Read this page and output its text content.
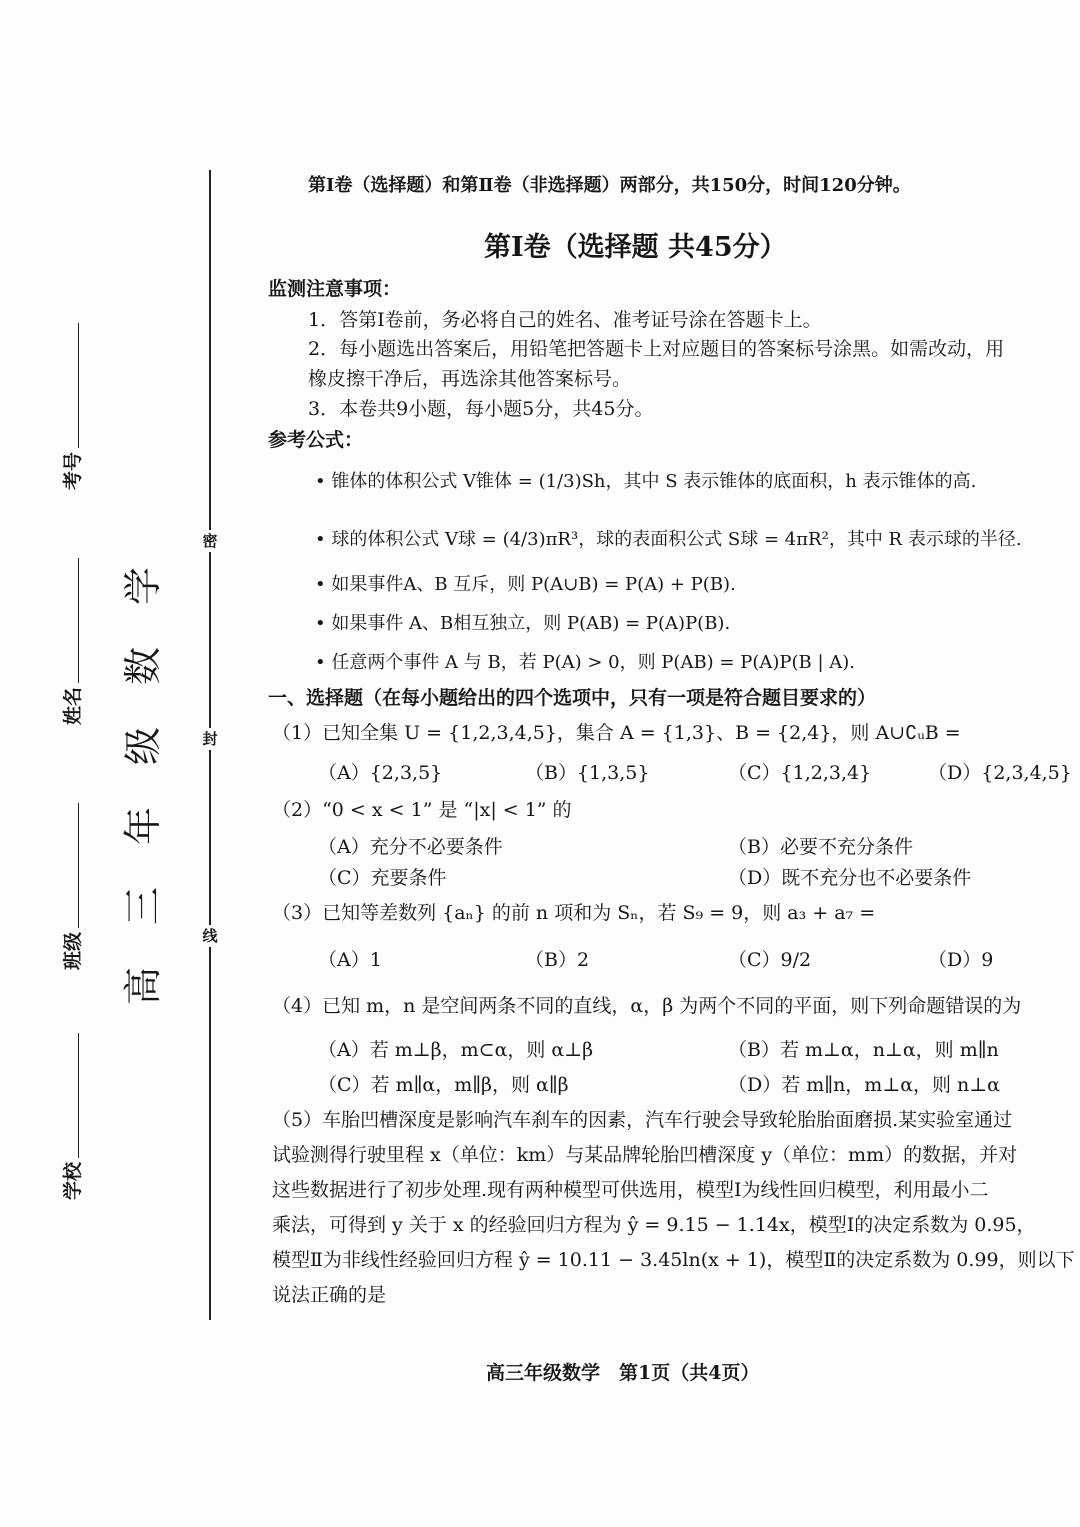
密
封
线
学校
班级
姓名
考号
高三年级数学
第Ⅰ卷（选择题）和第Ⅱ卷（非选择题）两部分，共150分，时间120分钟。
第Ⅰ卷（选择题 共45分）
监测注意事项：
1．答第Ⅰ卷前，务必将自己的姓名、准考证号涂在答题卡上。
2．每小题选出答案后，用铅笔把答题卡上对应题目的答案标号涂黑。如需改动，用
橡皮擦干净后，再选涂其他答案标号。
3．本卷共9小题，每小题5分，共45分。
参考公式：
• 锥体的体积公式 V锥体 = (1/3)Sh，其中 S 表示锥体的底面积，h 表示锥体的高.
• 球的体积公式 V球 = (4/3)πR³，球的表面积公式 S球 = 4πR²，其中 R 表示球的半径.
• 如果事件A、B 互斥，则 P(A∪B) = P(A) + P(B).
• 如果事件 A、B相互独立，则 P(AB) = P(A)P(B).
• 任意两个事件 A 与 B，若 P(A) > 0，则 P(AB) = P(A)P(B | A).
一、选择题（在每小题给出的四个选项中，只有一项是符合题目要求的）
（1）已知全集 U = {1,2,3,4,5}，集合 A = {1,3}、B = {2,4}，则 A∪∁ᵤB =
（A）{2,3,5}	（B）{1,3,5}	（C）{1,2,3,4}	（D）{2,3,4,5}
（2）“0 < x < 1” 是 “|x| < 1” 的
（A）充分不必要条件	（B）必要不充分条件
（C）充要条件	（D）既不充分也不必要条件
（3）已知等差数列 {aₙ} 的前 n 项和为 Sₙ，若 S₉ = 9，则 a₃ + a₇ =
（A）1	（B）2	（C）9/2	（D）9
（4）已知 m，n 是空间两条不同的直线，α，β 为两个不同的平面，则下列命题错误的为
（A）若 m⊥β，m⊂α，则 α⊥β	（B）若 m⊥α，n⊥α，则 m∥n
（C）若 m∥α，m∥β，则 α∥β	（D）若 m∥n，m⊥α，则 n⊥α
（5）车胎凹槽深度是影响汽车刹车的因素，汽车行驶会导致轮胎胎面磨损.某实验室通过
试验测得行驶里程 x（单位：km）与某品牌轮胎凹槽深度 y（单位：mm）的数据，并对
这些数据进行了初步处理.现有两种模型可供选用，模型Ⅰ为线性回归模型，利用最小二
乘法，可得到 y 关于 x 的经验回归方程为 ŷ = 9.15 − 1.14x，模型Ⅰ的决定系数为 0.95，
模型Ⅱ为非线性经验回归方程 ŷ = 10.11 − 3.45ln(x + 1)，模型Ⅱ的决定系数为 0.99，则以下
说法正确的是
高三年级数学　第1页（共4页）
